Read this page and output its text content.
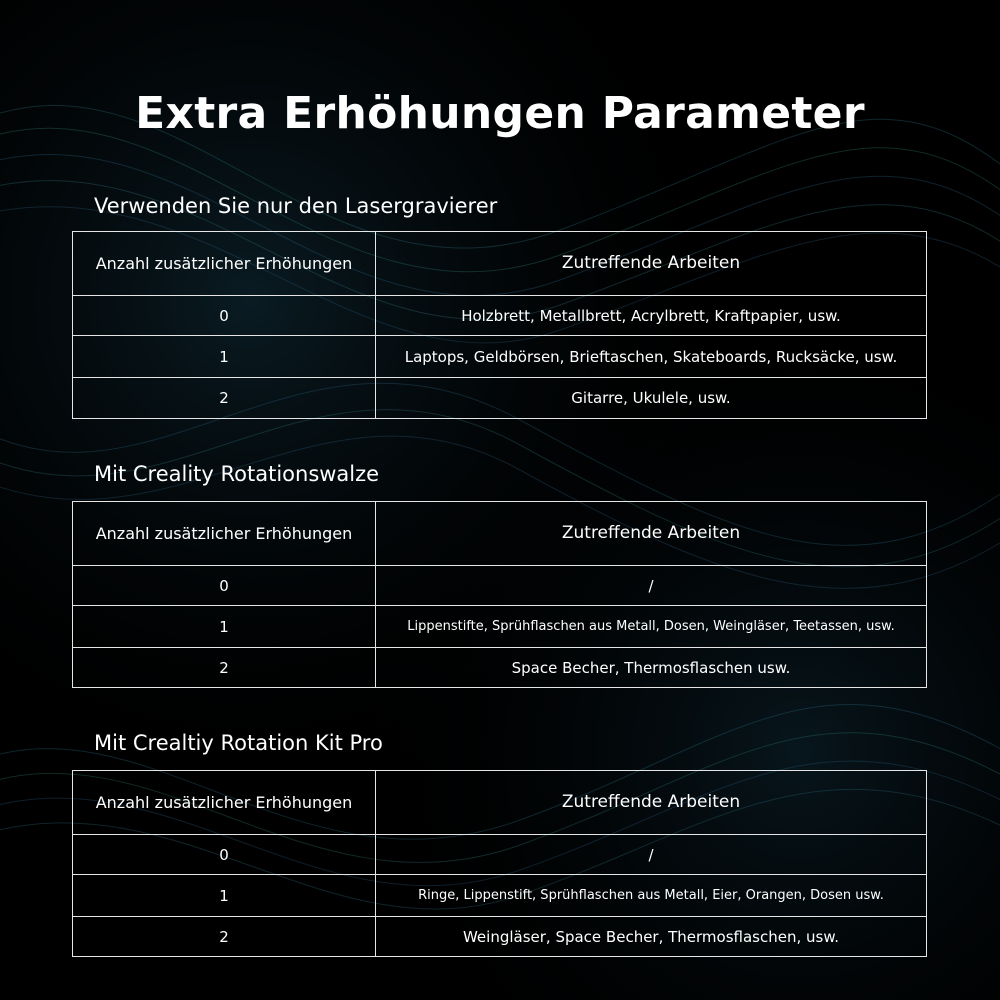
Extra Erhöhungen Parameter
Verwenden Sie nur den Lasergravierer
Anzahl zusätzlicher Erhöhungen	Zutreffende Arbeiten
0	Holzbrett, Metallbrett, Acrylbrett, Kraftpapier, usw.
1	Laptops, Geldbörsen, Brieftaschen, Skateboards, Rucksäcke, usw.
2	Gitarre, Ukulele, usw.
Mit Creality Rotationswalze
Anzahl zusätzlicher Erhöhungen	Zutreffende Arbeiten
0	/
1	Lippenstifte, Sprühflaschen aus Metall, Dosen, Weingläser, Teetassen, usw.
2	Space Becher, Thermosflaschen usw.
Mit Crealtiy Rotation Kit Pro
Anzahl zusätzlicher Erhöhungen	Zutreffende Arbeiten
0	/
1	Ringe, Lippenstift, Sprühflaschen aus Metall, Eier, Orangen, Dosen usw.
2	Weingläser, Space Becher, Thermosflaschen, usw.
